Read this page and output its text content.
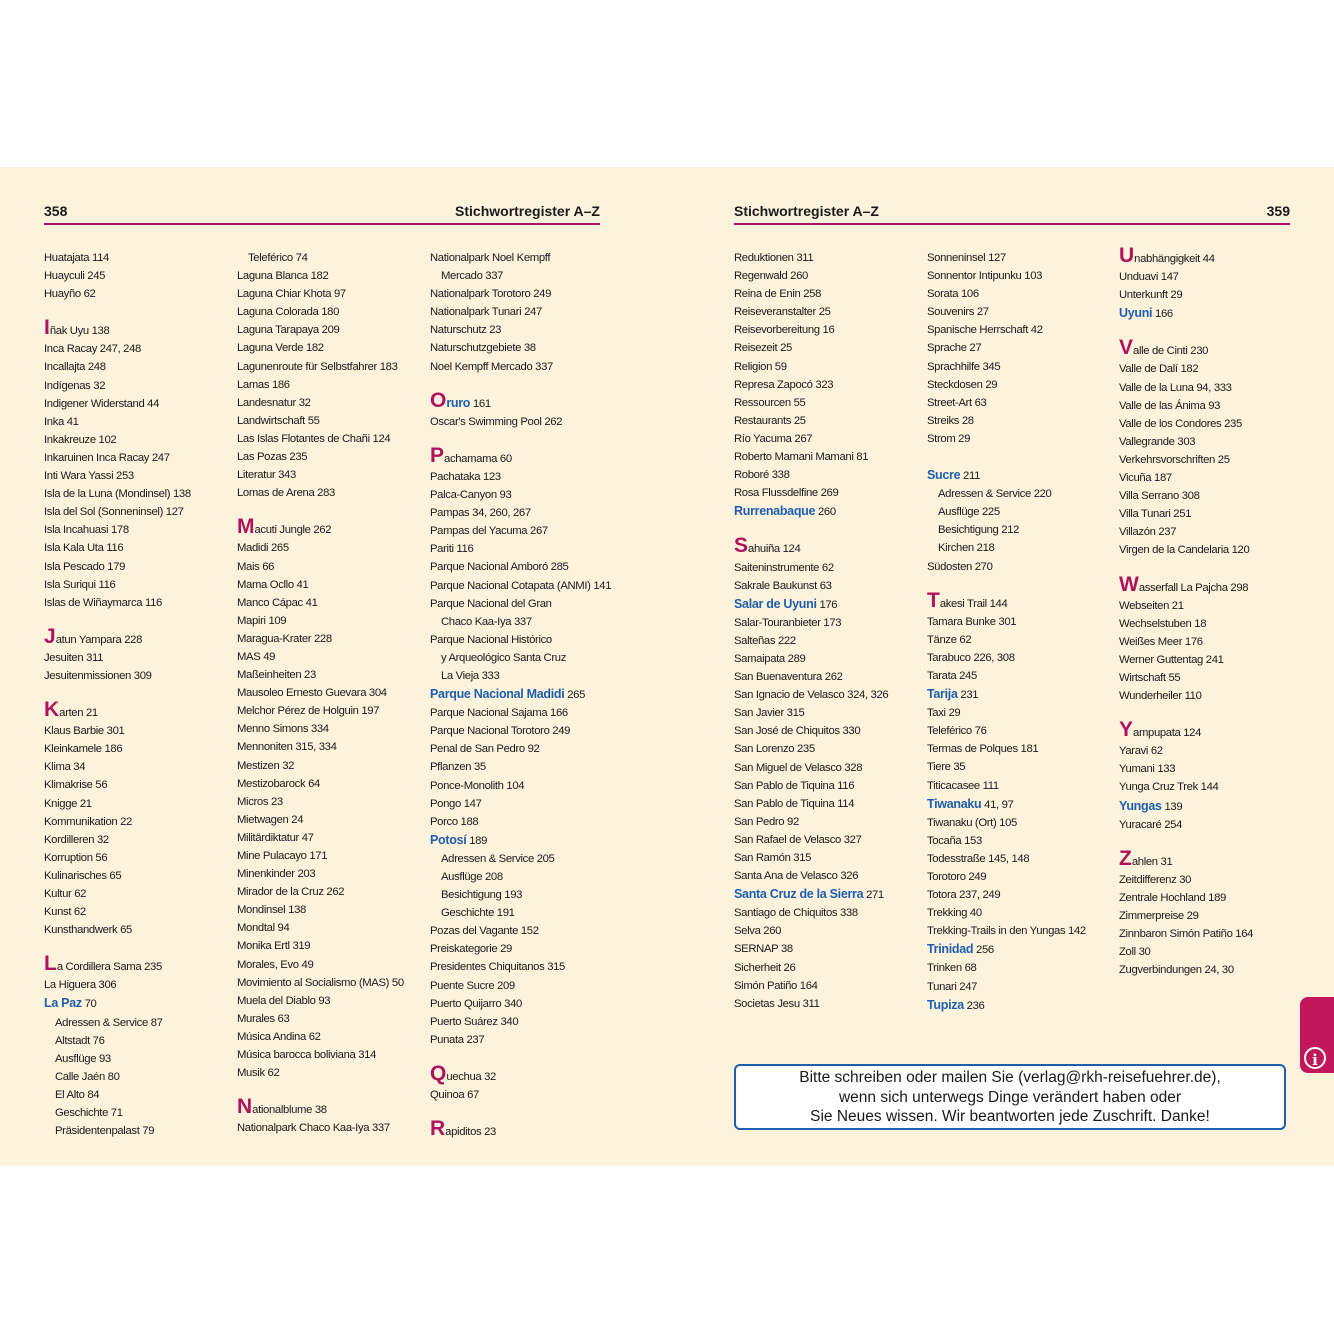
358	Stichwortregister A–Z	Stichwortregister A–Z	359
Huatajata 114
Huayculi 245
Huayño 62
Iñak Uyu 138
Inca Racay 247, 248
Incallajta 248
Indígenas 32
Indigener Widerstand 44
Inka 41
Inkakreuze 102
Inkaruinen Inca Racay 247
Inti Wara Yassi 253
Isla de la Luna (Mondinsel) 138
Isla del Sol (Sonneninsel) 127
Isla Incahuasi 178
Isla Kala Uta 116
Isla Pescado 179
Isla Suriqui 116
Islas de Wiñaymarca 116
Jatun Yampara 228
Jesuiten 311
Jesuitenmissionen 309
Karten 21
Klaus Barbie 301
Kleinkamele 186
Klima 34
Klimakrise 56
Knigge 21
Kommunikation 22
Kordilleren 32
Korruption 56
Kulinarisches 65
Kultur 62
Kunst 62
Kunsthandwerk 65
La Cordillera Sama 235
La Higuera 306
La Paz 70
Adressen & Service 87
Altstadt 76
Ausflüge 93
Calle Jaén 80
El Alto 84
Geschichte 71
Präsidentenpalast 79
Teleférico 74
Laguna Blanca 182
Laguna Chiar Khota 97
Laguna Colorada 180
Laguna Tarapaya 209
Laguna Verde 182
Lagunenroute für Selbstfahrer 183
Lamas 186
Landesnatur 32
Landwirtschaft 55
Las Islas Flotantes de Chañi 124
Las Pozas 235
Literatur 343
Lomas de Arena 283
Macuti Jungle 262
Madidi 265
Mais 66
Mama Ocllo 41
Manco Cápac 41
Mapiri 109
Maragua-Krater 228
MAS 49
Maßeinheiten 23
Mausoleo Ernesto Guevara 304
Melchor Pérez de Holguin 197
Menno Simons 334
Mennoniten 315, 334
Mestizen 32
Mestizobarock 64
Micros 23
Mietwagen 24
Militärdiktatur 47
Mine Pulacayo 171
Minenkinder 203
Mirador de la Cruz 262
Mondinsel 138
Mondtal 94
Monika Ertl 319
Morales, Evo 49
Movimiento al Socialismo (MAS) 50
Muela del Diablo 93
Murales 63
Música Andina 62
Música barocca boliviana 314
Musik 62
Nationalblume 38
Nationalpark Chaco Kaa-Iya 337
Nationalpark Noel Kempff
Mercado 337
Nationalpark Torotoro 249
Nationalpark Tunari 247
Naturschutz 23
Naturschutzgebiete 38
Noel Kempff Mercado 337
Oruro 161
Oscar's Swimming Pool 262
Pachamama 60
Pachataka 123
Palca-Canyon 93
Pampas 34, 260, 267
Pampas del Yacuma 267
Pariti 116
Parque Nacional Amboró 285
Parque Nacional Cotapata (ANMI) 141
Parque Nacional del Gran
Chaco Kaa-Iya 337
Parque Nacional Histórico
y Arqueológico Santa Cruz
La Vieja 333
Parque Nacional Madidi 265
Parque Nacional Sajama 166
Parque Nacional Torotoro 249
Penal de San Pedro 92
Pflanzen 35
Ponce-Monolith 104
Pongo 147
Porco 188
Potosí 189
Adressen & Service 205
Ausflüge 208
Besichtigung 193
Geschichte 191
Pozas del Vagante 152
Preiskategorie 29
Presidentes Chiquitanos 315
Puente Sucre 209
Puerto Quijarro 340
Puerto Suárez 340
Punata 237
Quechua 32
Quinoa 67
Rapiditos 23
Reduktionen 311
Regenwald 260
Reina de Enin 258
Reiseveranstalter 25
Reisevorbereitung 16
Reisezeit 25
Religion 59
Represa Zapocó 323
Ressourcen 55
Restaurants 25
Río Yacuma 267
Roberto Mamani Mamani 81
Roboré 338
Rosa Flussdelfine 269
Rurrenabaque 260
Sahuiña 124
Saiteninstrumente 62
Sakrale Baukunst 63
Salar de Uyuni 176
Salar-Touranbieter 173
Salteñas 222
Samaipata 289
San Buenaventura 262
San Ignacio de Velasco 324, 326
San Javier 315
San José de Chiquitos 330
San Lorenzo 235
San Miguel de Velasco 328
San Pablo de Tiquina 116
San Pablo de Tiquina 114
San Pedro 92
San Rafael de Velasco 327
San Ramón 315
Santa Ana de Velasco 326
Santa Cruz de la Sierra 271
Santiago de Chiquitos 338
Selva 260
SERNAP 38
Sicherheit 26
Simón Patiño 164
Societas Jesu 311
Sonneninsel 127
Sonnentor Intipunku 103
Sorata 106
Souvenirs 27
Spanische Herrschaft 42
Sprache 27
Sprachhilfe 345
Steckdosen 29
Street-Art 63
Streiks 28
Strom 29
Sucre 211
Adressen & Service 220
Ausflüge 225
Besichtigung 212
Kirchen 218
Südosten 270
Takesi Trail 144
Tamara Bunke 301
Tänze 62
Tarabuco 226, 308
Tarata 245
Tarija 231
Taxi 29
Teleférico 76
Termas de Polques 181
Tiere 35
Titicacasee 111
Tiwanaku 41, 97
Tiwanaku (Ort) 105
Tocaña 153
Todesstraße 145, 148
Torotoro 249
Totora 237, 249
Trekking 40
Trekking-Trails in den Yungas 142
Trinidad 256
Trinken 68
Tunari 247
Tupiza 236
Unabhängigkeit 44
Unduavi 147
Unterkunft 29
Uyuni 166
Valle de Cinti 230
Valle de Dalí 182
Valle de la Luna 94, 333
Valle de las Ánima 93
Valle de los Condores 235
Vallegrande 303
Verkehrsvorschriften 25
Vicuña 187
Villa Serrano 308
Villa Tunari 251
Villazón 237
Virgen de la Candelaria 120
Wasserfall La Pajcha 298
Webseiten 21
Wechselstuben 18
Weißes Meer 176
Werner Guttentag 241
Wirtschaft 55
Wunderheiler 110
Yampupata 124
Yaravi 62
Yumani 133
Yunga Cruz Trek 144
Yungas 139
Yuracaré 254
Zahlen 31
Zeitdifferenz 30
Zentrale Hochland 189
Zimmerpreise 29
Zinnbaron Simón Patiño 164
Zoll 30
Zugverbindungen 24, 30
Bitte schreiben oder mailen Sie (verlag@rkh-reisefuehrer.de),
wenn sich unterwegs Dinge verändert haben oder
Sie Neues wissen. Wir beantworten jede Zuschrift. Danke!
i
